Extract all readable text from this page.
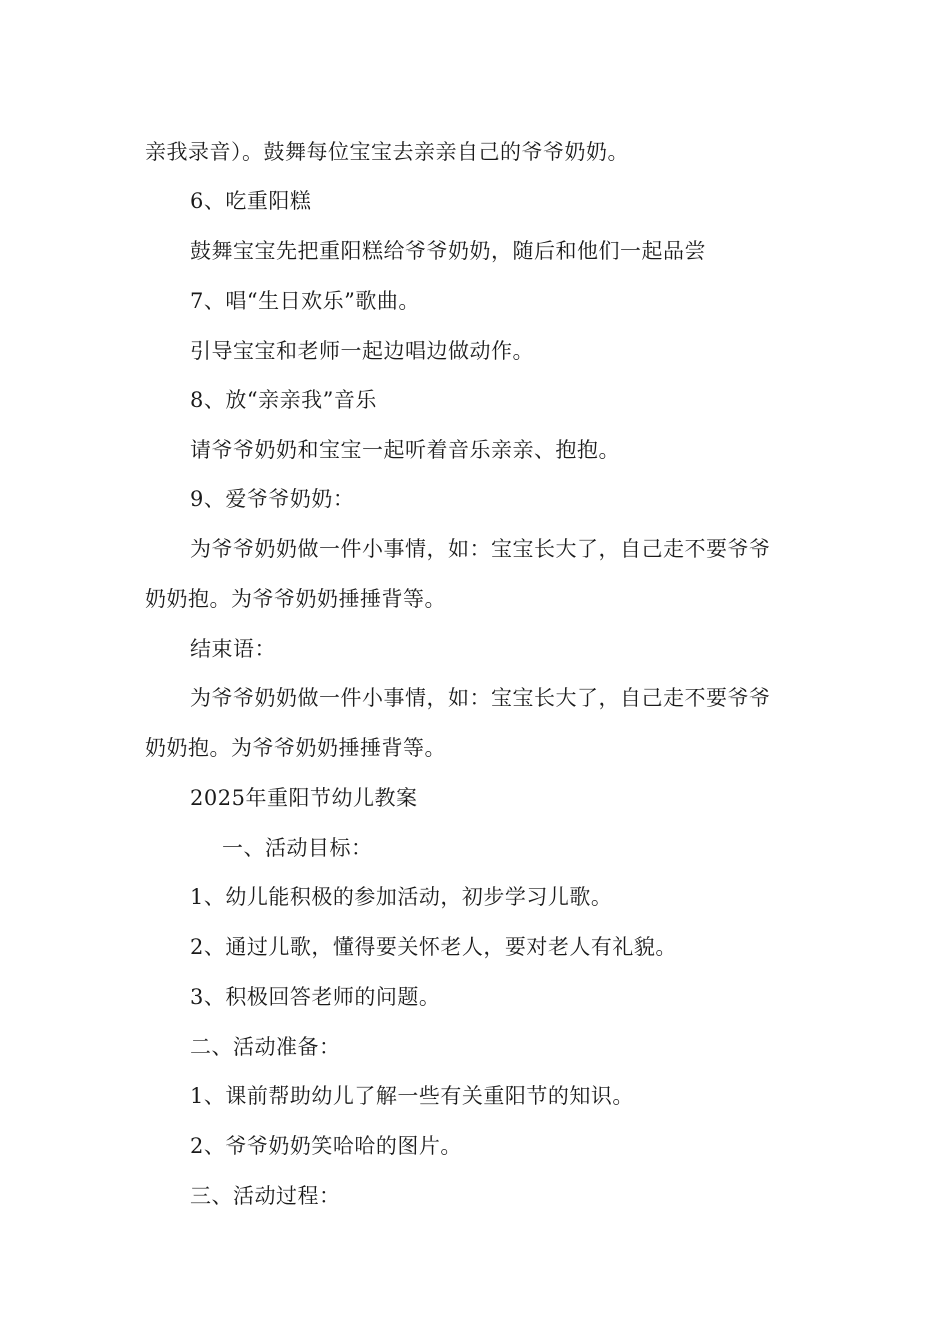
亲我录音）。鼓舞每位宝宝去亲亲自己的爷爷奶奶。
6、吃重阳糕
鼓舞宝宝先把重阳糕给爷爷奶奶，随后和他们一起品尝
7、唱“生日欢乐”歌曲。
引导宝宝和老师一起边唱边做动作。
8、放“亲亲我”音乐
请爷爷奶奶和宝宝一起听着音乐亲亲、抱抱。
9、爱爷爷奶奶：
为爷爷奶奶做一件小事情，如：宝宝长大了，自己走不要爷爷
奶奶抱。为爷爷奶奶捶捶背等。
结束语：
为爷爷奶奶做一件小事情，如：宝宝长大了，自己走不要爷爷
奶奶抱。为爷爷奶奶捶捶背等。
2025年重阳节幼儿教案
一、活动目标：
1、幼儿能积极的参加活动，初步学习儿歌。
2、通过儿歌，懂得要关怀老人，要对老人有礼貌。
3、积极回答老师的问题。
二、活动准备：
1、课前帮助幼儿了解一些有关重阳节的知识。
2、爷爷奶奶笑哈哈的图片。
三、活动过程：
